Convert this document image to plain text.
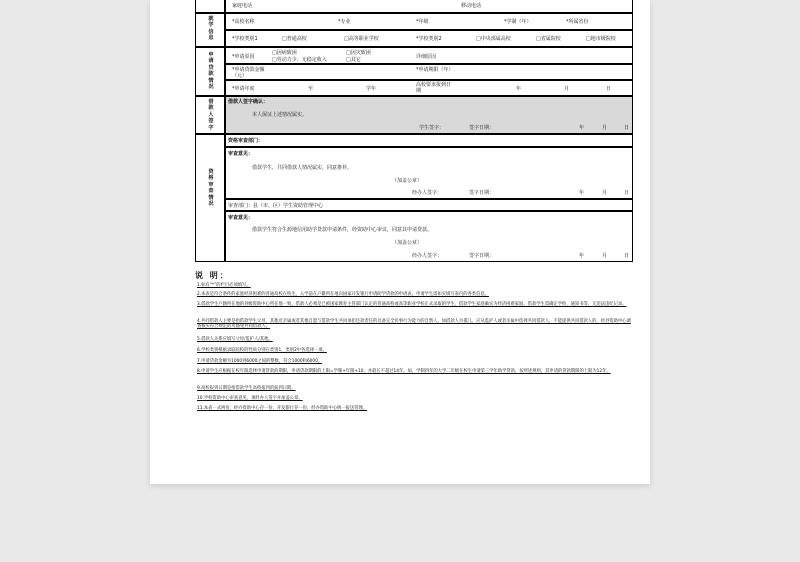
家庭电话	移动电话
就学信息
*高校名称	*专业	*年级	*学制（年）	*所属省份
*学校类别1	□普通高校	□高等职业学校	*学校类别2	□中央部属高校	□省属院校	□地市级院校
申请贷款情况
*申请原因
□因病致困	□因灾致困
□劳动力少、无稳定收入	□其它	详细原因
*申请贷款金额（元）
*申请期限（年）
*申请年度	至	学年
高校要求报到日期	年	月	日
借款人签字
借款人签字确认：
本人保证上述情况属实。
学生签字：	签字日期：	年	月	日
资格审查情况
资格审查部门：
审查意见：
借款学生、共同借款人情况属实，同意推荐。
（加盖公章）
经办人签字：	签字日期：	年	月	日
审查部门：县（市、区）学生资助管理中心
审查意见：
借款学生符合生源地信用助学贷款申请条件，经资助中心审议，同意其申请贷款。
（加盖公章）
经办人签字：	签字日期：	年	月	日
说 明：
1.标有“*”的栏目必须填写。
2.本表是符合条件的家庭经济困难的普通高校在校生，入学前在户籍所在地向国家开发银行申请助学贷款的申请表，申请学生需如实填写表内的各类信息。
3.借款学生户籍所在地的县级资助中心所在地一致，借款人必须是已被国家教育主管部门认定的普通高校或高等职业学校正式录取的学生，借款学生家庭确实为经济困难家庭。借款学生需确定学校、通知书等，无违法违纪记录。
4.共同借款人主要是指借款学生父母，其他近亲属或者其他自愿与借款学生共同承担还款责任的具备完全民事行为能力的自然人。如借款人为孤儿，应从监护人或者亲属中选择共同借款人，不能提供共同借款人的，经县资助中心调查核实符合规定的可豁免共同借款人。
5.借款人关系应填写父母/监护人/其他。
6.学校类别根据录取院校的性质分别在类别1、类别2中各选择一项。
7.申请贷款金额为1000到6000之间的整数，符合1000和6000。
8.申请学生应根据在校年限选择申请贷款的期限，申请贷款期限的上限=学制+年限+10，并最长不超过14年。如，学制四年的大学二年级在校生申请第三学年助学贷款，按所述规则，其申请的贷款期限的上限为12年。
9.高校报到日期是指借款学生高校报到的报到日期。
10.学校资助中心审查意见，须经办人签字并加盖公章。
11.本表一式两份，经办资助中心存一份，开发银行存一份，经办资助中心统一报送管理。
